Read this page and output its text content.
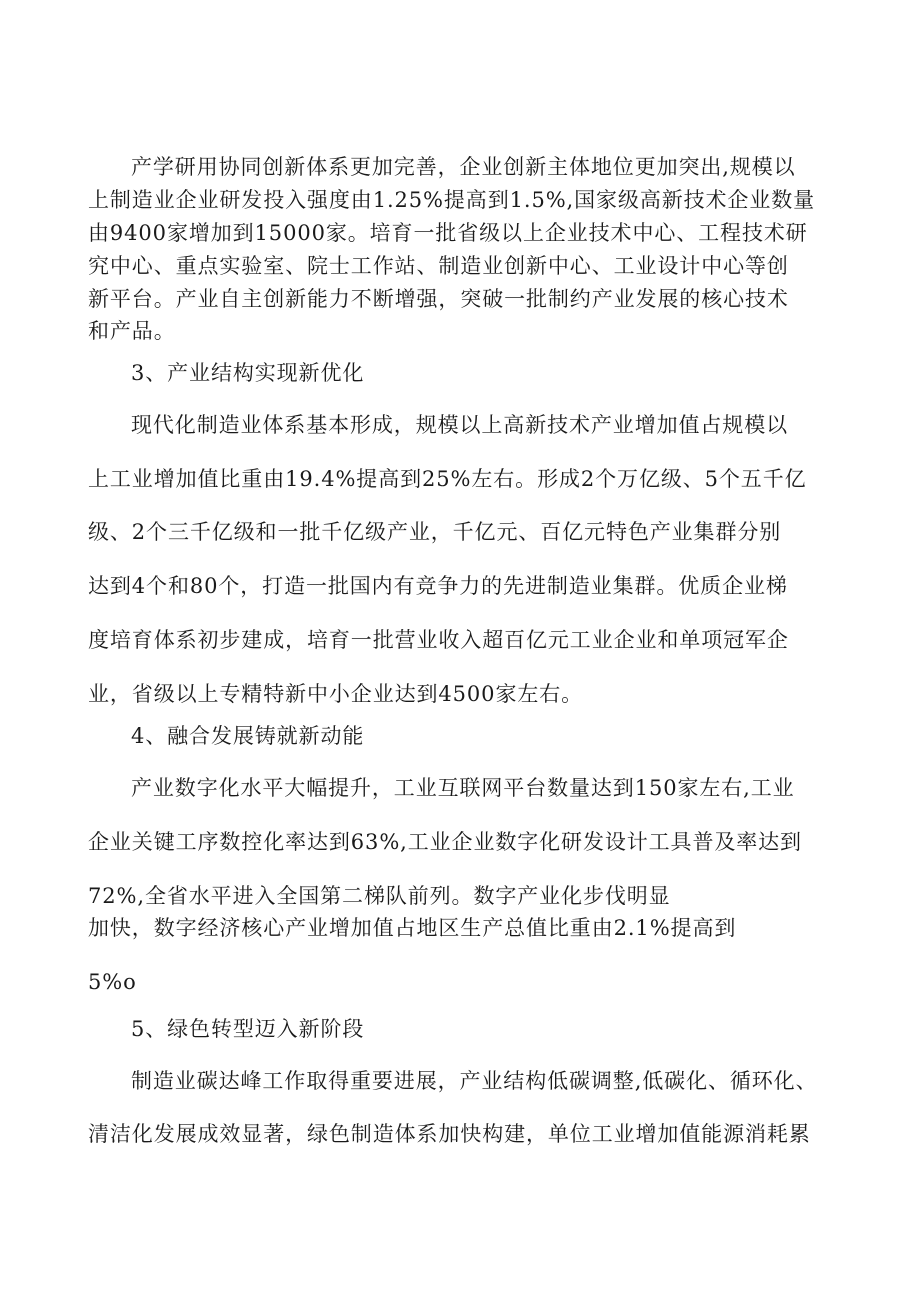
产学研用协同创新体系更加完善，企业创新主体地位更加突出,规模以
上制造业企业研发投入强度由1.25%提高到1.5%,国家级高新技术企业数量
由9400家增加到15000家。培育一批省级以上企业技术中心、工程技术研
究中心、重点实验室、院士工作站、制造业创新中心、工业设计中心等创
新平台。产业自主创新能力不断增强，突破一批制约产业发展的核心技术
和产品。
3、产业结构实现新优化
现代化制造业体系基本形成，规模以上高新技术产业增加值占规模以
上工业增加值比重由19.4%提高到25%左右。形成2个万亿级、5个五千亿
级、2个三千亿级和一批千亿级产业，千亿元、百亿元特色产业集群分别
达到4个和80个，打造一批国内有竞争力的先进制造业集群。优质企业梯
度培育体系初步建成，培育一批营业收入超百亿元工业企业和单项冠军企
业，省级以上专精特新中小企业达到4500家左右。
4、融合发展铸就新动能
产业数字化水平大幅提升，工业互联网平台数量达到150家左右,工业
企业关键工序数控化率达到63%,工业企业数字化研发设计工具普及率达到
72%,全省水平进入全国第二梯队前列。数字产业化步伐明显
加快，数字经济核心产业增加值占地区生产总值比重由2.1%提高到
5%o
5、绿色转型迈入新阶段
制造业碳达峰工作取得重要进展，产业结构低碳调整,低碳化、循环化、
清洁化发展成效显著，绿色制造体系加快构建，单位工业增加值能源消耗累
